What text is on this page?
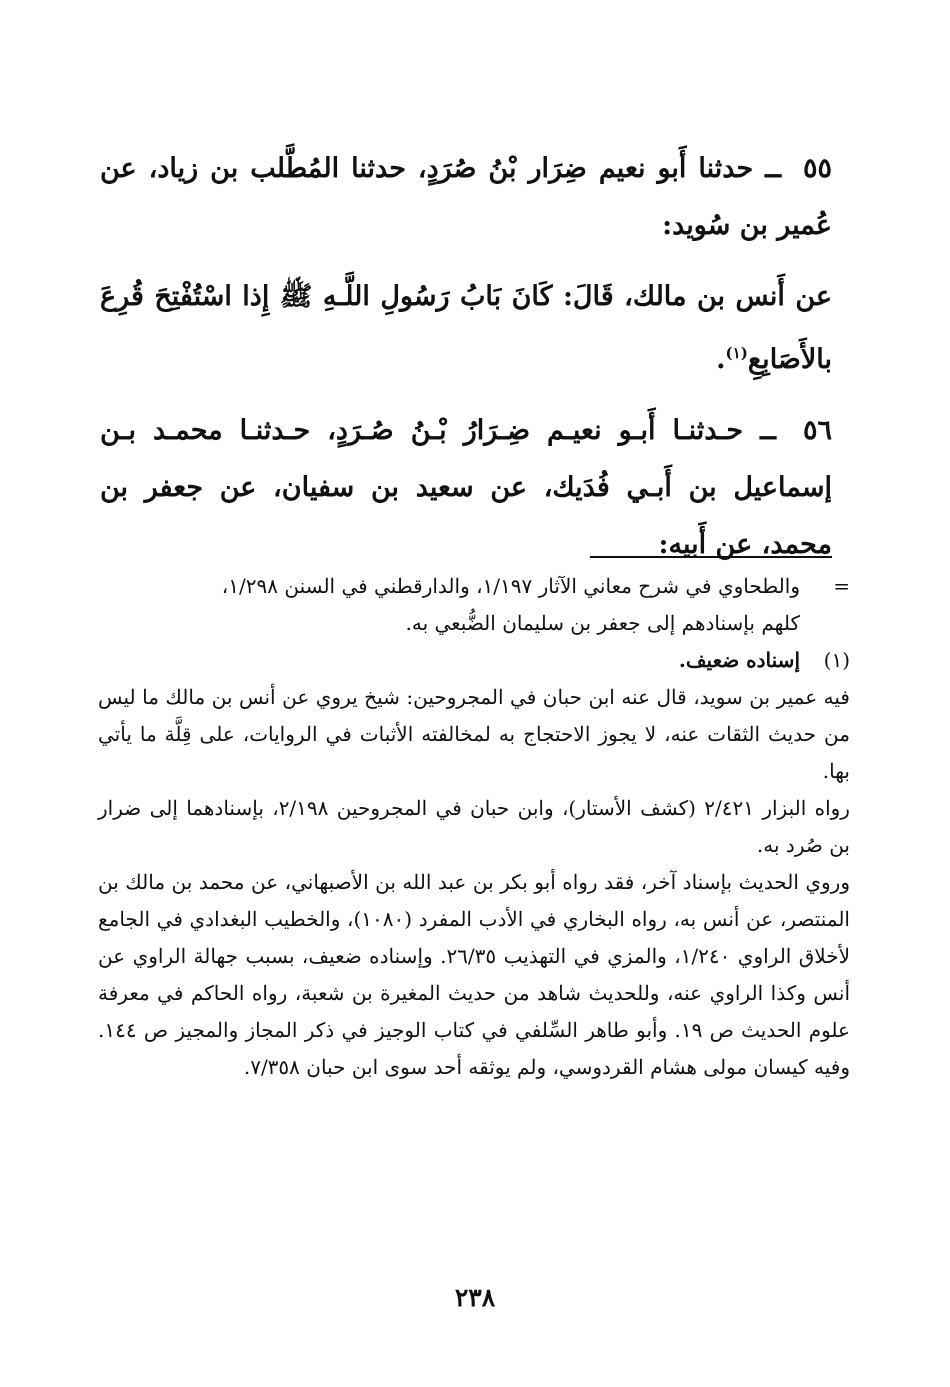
٥٥ ــ حدثنا أَبو نعيم ضِرَار بْنُ صُرَدٍ، حدثنا المُطَّلب بن زياد، عن عُمير بن سُويد:

عن أَنس بن مالك، قَالَ: كَانَ بَابُ رَسُولِ اللَّـهِ ﷺ إِذا اسْتُفْتِحَ قُرِعَ بالأَصَابِعِ$^{(١)}$.

٥٦ ــ حـدثنـا أَبـو نعيـم ضِـرَارُ بْـنُ صُـرَدٍ، حـدثنـا محمـد بـن إسماعيل بن أَبـي فُدَيك، عن سعيد بن سفيان، عن جعفر بن محمد، عن أَبيه:

=

والطحاوي في شرح معاني الآثار ١/١٩٧، والدارقطني في السنن ١/٢٩٨،

كلهم بإسنادهم إلى جعفر بن سليمان الضُّبعي به.

(١)

إسناده ضعيف.

فيه عمير بن سويد، قال عنه ابن حبان في المجروحين: شيخ يروي عن أنس بن مالك ما ليس من حديث الثقات عنه، لا يجوز الاحتجاج به لمخالفته الأثبات في الروايات، على قِلَّة ما يأتي بها.

رواه البزار ٢/٤٢١ (كشف الأستار)، وابن حبان في المجروحين ٢/١٩٨، بإسنادهما إلى ضرار بن صُرد به.

وروي الحديث بإسناد آخر، فقد رواه أبو بكر بن عبد الله بن الأصبهاني، عن محمد بن مالك بن المنتصر، عن أنس به، رواه البخاري في الأدب المفرد (١٠٨٠)، والخطيب البغدادي في الجامع لأخلاق الراوي ١/٢٤٠، والمزي في التهذيب ٢٦/٣٥. وإسناده ضعيف، بسبب جهالة الراوي عن أنس وكذا الراوي عنه، وللحديث شاهد من حديث المغيرة بن شعبة، رواه الحاكم في معرفة علوم الحديث ص ١٩. وأبو طاهر السِّلفي في كتاب الوجيز في ذكر المجاز والمجيز ص ١٤٤. وفيه كيسان مولى هشام القردوسي، ولم يوثقه أحد سوى ابن حبان ٧/٣٥٨.

٢٣٨
